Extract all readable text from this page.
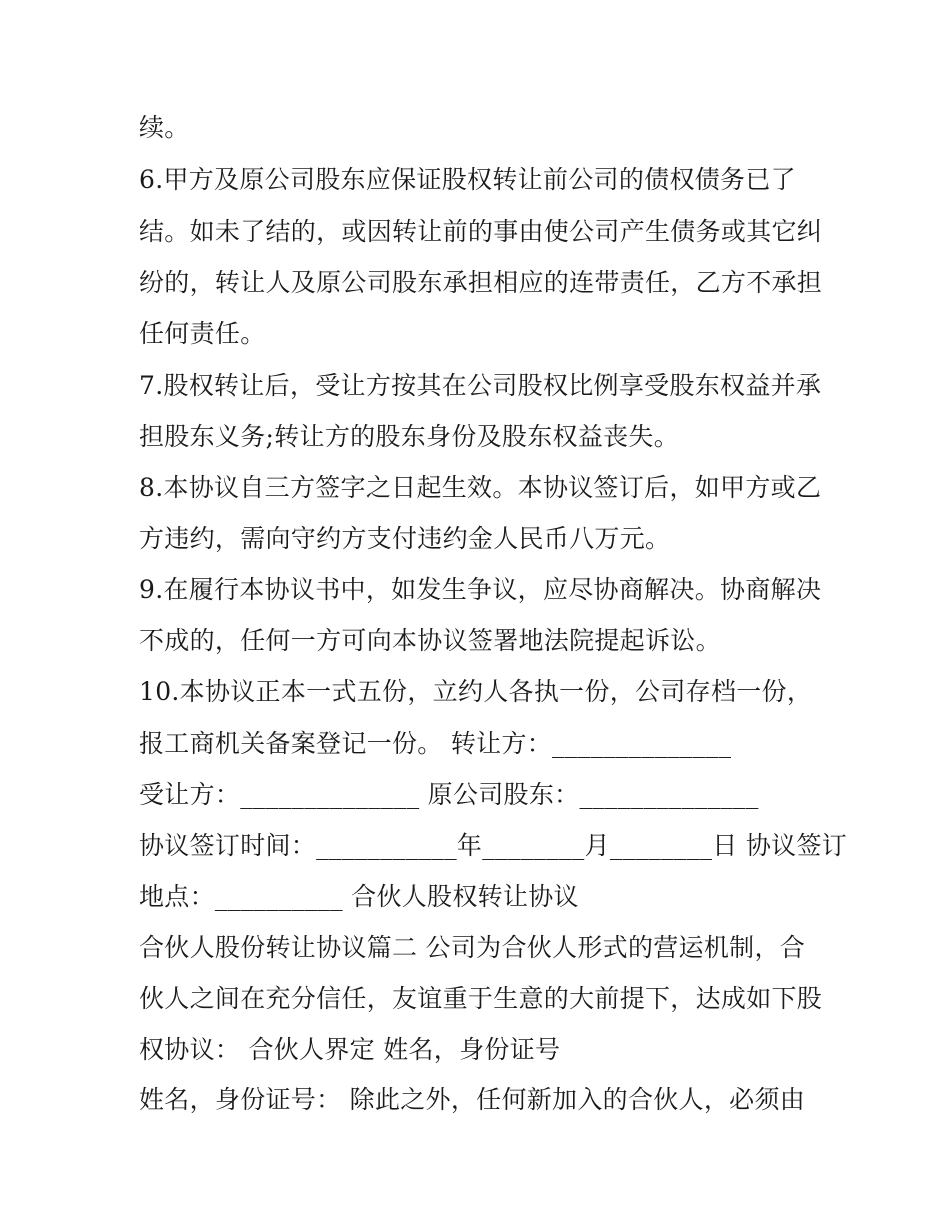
续。
6.甲方及原公司股东应保证股权转让前公司的债权债务已了
结。如未了结的，或因转让前的事由使公司产生债务或其它纠
纷的，转让人及原公司股东承担相应的连带责任，乙方不承担
任何责任。
7.股权转让后，受让方按其在公司股权比例享受股东权益并承
担股东义务;转让方的股东身份及股东权益丧失。
8.本协议自三方签字之日起生效。本协议签订后，如甲方或乙
方违约，需向守约方支付违约金人民币八万元。
9.在履行本协议书中，如发生争议，应尽协商解决。协商解决
不成的，任何一方可向本协议签署地法院提起诉讼。
10.本协议正本一式五份，立约人各执一份，公司存档一份，
报工商机关备案登记一份。 转让方：______________
受让方：______________ 原公司股东：______________
协议签订时间：___________年________月________日 协议签订
地点：__________ 合伙人股权转让协议
合伙人股份转让协议篇二 公司为合伙人形式的营运机制，合
伙人之间在充分信任，友谊重于生意的大前提下，达成如下股
权协议： 合伙人界定 姓名，身份证号
姓名，身份证号： 除此之外，任何新加入的合伙人，必须由
